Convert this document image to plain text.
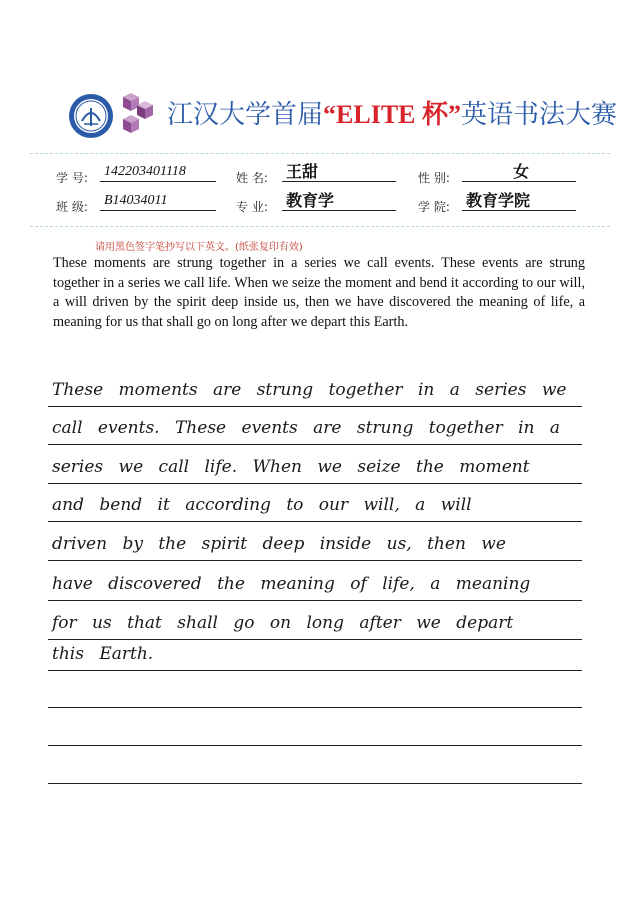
江汉大学首届“ELITE 杯”英语书法大赛
学 号: 142203401118	姓 名: 王甜	性 别:	女
班 级: B14034011	专 业: 教育学	学 院: 教育学院
请用黑色签字笔抄写以下英文。(纸张复印有效)
These moments are strung together in a series we call events. These events are strung together in a series we call life. When we seize the moment and bend it according to our will, a will driven by the spirit deep inside us, then we have discovered the meaning of life, a meaning for us that shall go on long after we depart this Earth.
These moments are strung together in a series we
call events. These events are strung together in a
series we call life. When we seize the moment
and bend it according to our will, a will
driven by the spirit deep inside us, then we
have discovered the meaning of life, a meaning
for us that shall go on long after we depart
this Earth.
